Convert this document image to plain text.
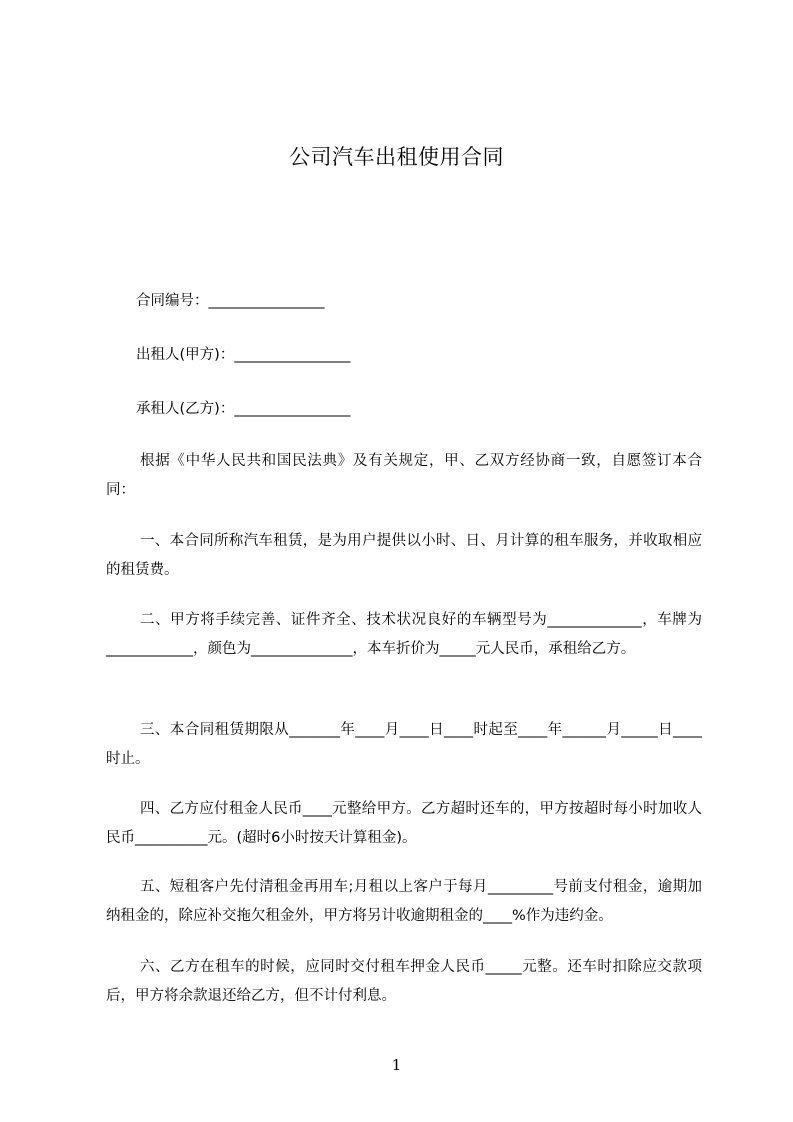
公司汽车出租使用合同
合同编号：________________
出租人(甲方)：________________
承租人(乙方)：________________

根据《中华人民共和国民法典》及有关规定，甲、乙双方经协商一致，自愿签订本合同：

一、本合同所称汽车租赁，是为用户提供以小时、日、月计算的租车服务，并收取相应的租赁费。

二、甲方将手续完善、证件齐全、技术状况良好的车辆型号为_____________，车牌为____________，颜色为______________，本车折价为_____元人民币，承租给乙方。

三、本合同租赁期限从_______年____月____日____时起至____年______月_____日____时止。

四、乙方应付租金人民币____元整给甲方。乙方超时还车的，甲方按超时每小时加收人民币__________元。(超时6小时按天计算租金)。

五、短租客户先付清租金再用车;月租以上客户于每月_________号前支付租金，逾期加纳租金的，除应补交拖欠租金外，甲方将另计收逾期租金的____%作为违约金。

六、乙方在租车的时候，应同时交付租车押金人民币_____元整。还车时扣除应交款项后，甲方将余款退还给乙方，但不计付利息。

1
